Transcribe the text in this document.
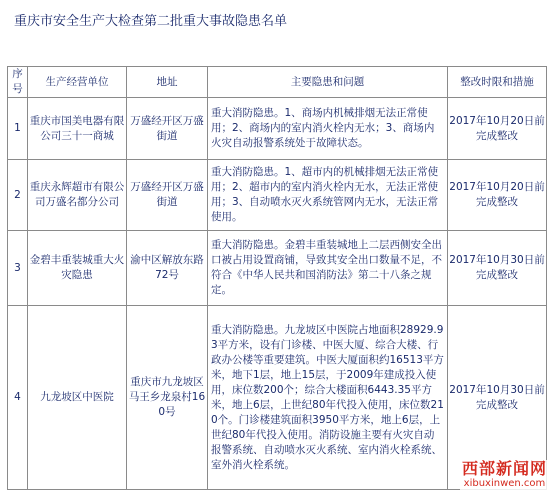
重庆市安全生产大检查第二批重大事故隐患名单
序号	生产经营单位	地址	主要隐患和问题	整改时限和措施
1	重庆市国美电器有限公司三十一商城	万盛经开区万盛街道	重大消防隐患。1、商场内机械排烟无法正常使用；2、商场内的室内消火栓内无水；3、商场内火灾自动报警系统处于故障状态。	2017年10月20日前完成整改
2	重庆永辉超市有限公司万盛名都分公司	万盛经开区万盛街道	重大消防隐患。1、超市内的机械排烟无法正常使用；2、超市内的室内消火栓内无水，无法正常使用；3、自动喷水灭火系统管网内无水，无法正常使用。	2017年10月20日前完成整改
3	金碧丰重装城重大火灾隐患	渝中区解放东路72号	重大消防隐患。金碧丰重装城地上二层西侧安全出口被占用设置商铺，导致其安全出口数量不足，不符合《中华人民共和国消防法》第二十八条之规定。	2017年10月30日前完成整改
4	九龙坡区中医院	重庆市九龙坡区马王乡龙泉村160号	重大消防隐患。九龙坡区中医院占地面积28929.93平方米，设有门诊楼、中医大厦、综合大楼、行政办公楼等重要建筑。中医大厦面积约16513平方米，地下1层，地上15层，于2009年建成投入使用，床位数200个；综合大楼面积6443.35平方米，地上6层，上世纪80年代投入使用，床位数210个。门诊楼建筑面积3950平方米，地上6层，上世纪80年代投入使用。消防设施主要有火灾自动报警系统、自动喷水灭火系统、室内消火栓系统、室外消火栓系统。	2017年10月30日前完成整改
西部新闻网
xibuxinwen.com
